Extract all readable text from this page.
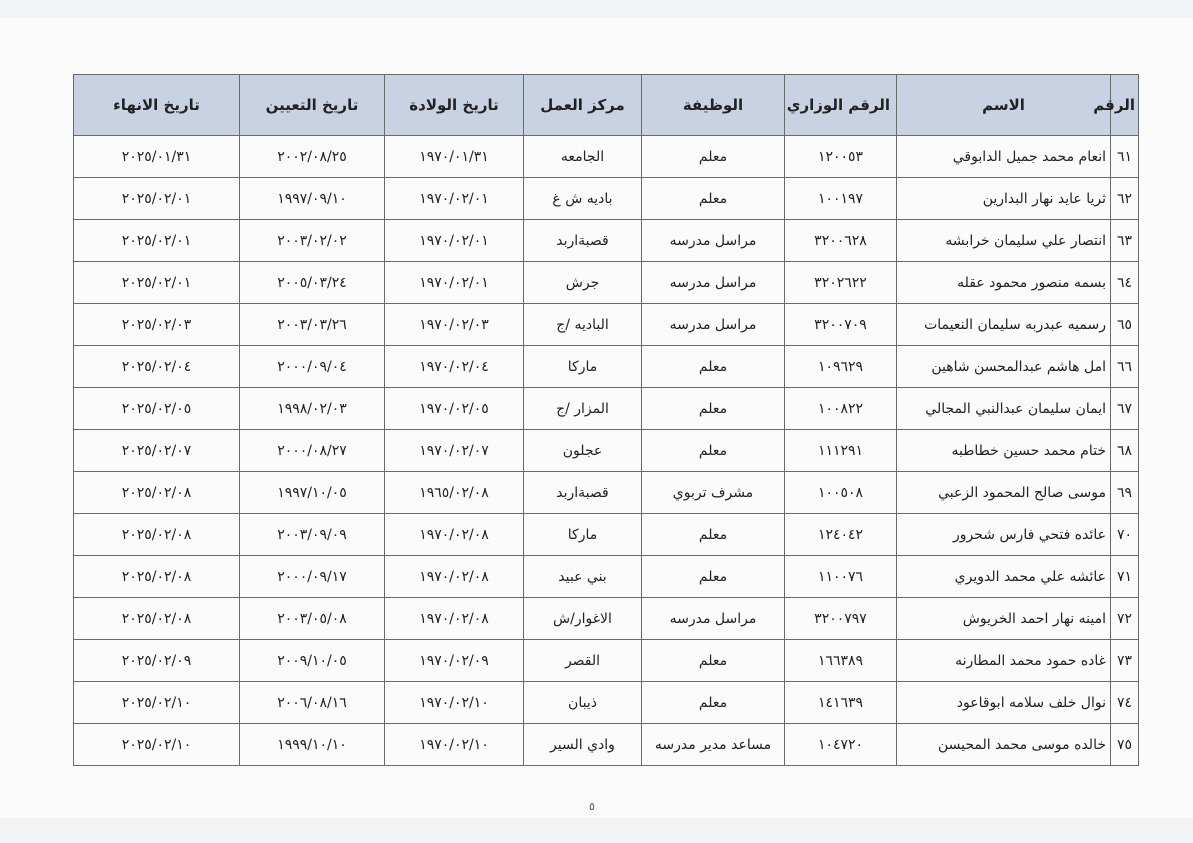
الرقم	الاسم	الرقم الوزاري	الوظيفة	مركز العمل	تاريخ الولادة	تاريخ التعيين	تاريخ الانهاء
٦١	انعام محمد جميل الدابوقي	١٢٠٠٥٣	معلم	الجامعه	١٩٧٠/٠١/٣١	٢٠٠٢/٠٨/٢٥	٢٠٢٥/٠١/٣١
٦٢	ثريا عايد نهار البدارين	١٠٠١٩٧	معلم	باديه ش غ	١٩٧٠/٠٢/٠١	١٩٩٧/٠٩/١٠	٢٠٢٥/٠٢/٠١
٦٣	انتصار علي سليمان خرابشه	٣٢٠٠٦٢٨	مراسل مدرسه	قصبةاربد	١٩٧٠/٠٢/٠١	٢٠٠٣/٠٢/٠٢	٢٠٢٥/٠٢/٠١
٦٤	بسمه منصور محمود عقله	٣٢٠٢٦٢٢	مراسل مدرسه	جرش	١٩٧٠/٠٢/٠١	٢٠٠٥/٠٣/٢٤	٢٠٢٥/٠٢/٠١
٦٥	رسميه عبدربه سليمان النعيمات	٣٢٠٠٧٠٩	مراسل مدرسه	الباديه /ج	١٩٧٠/٠٢/٠٣	٢٠٠٣/٠٣/٢٦	٢٠٢٥/٠٢/٠٣
٦٦	امل هاشم عبدالمحسن شاهين	١٠٩٦٢٩	معلم	ماركا	١٩٧٠/٠٢/٠٤	٢٠٠٠/٠٩/٠٤	٢٠٢٥/٠٢/٠٤
٦٧	ايمان سليمان عبدالنبي المجالي	١٠٠٨٢٢	معلم	المزار /ج	١٩٧٠/٠٢/٠٥	١٩٩٨/٠٢/٠٣	٢٠٢٥/٠٢/٠٥
٦٨	ختام محمد حسين خطاطبه	١١١٢٩١	معلم	عجلون	١٩٧٠/٠٢/٠٧	٢٠٠٠/٠٨/٢٧	٢٠٢٥/٠٢/٠٧
٦٩	موسى صالح المحمود الزعبي	١٠٠٥٠٨	مشرف تربوي	قصبةاربد	١٩٦٥/٠٢/٠٨	١٩٩٧/١٠/٠٥	٢٠٢٥/٠٢/٠٨
٧٠	عائده فتحي فارس شحرور	١٢٤٠٤٢	معلم	ماركا	١٩٧٠/٠٢/٠٨	٢٠٠٣/٠٩/٠٩	٢٠٢٥/٠٢/٠٨
٧١	عائشه علي محمد الدويري	١١٠٠٧٦	معلم	بني عبيد	١٩٧٠/٠٢/٠٨	٢٠٠٠/٠٩/١٧	٢٠٢٥/٠٢/٠٨
٧٢	امينه نهار احمد الخريوش	٣٢٠٠٧٩٧	مراسل مدرسه	الاغوار/ش	١٩٧٠/٠٢/٠٨	٢٠٠٣/٠٥/٠٨	٢٠٢٥/٠٢/٠٨
٧٣	غاده حمود محمد المطارنه	١٦٦٣٨٩	معلم	القصر	١٩٧٠/٠٢/٠٩	٢٠٠٩/١٠/٠٥	٢٠٢٥/٠٢/٠٩
٧٤	نوال خلف سلامه ابوقاعود	١٤١٦٣٩	معلم	ذيبان	١٩٧٠/٠٢/١٠	٢٠٠٦/٠٨/١٦	٢٠٢٥/٠٢/١٠
٧٥	خالده موسى محمد المحيسن	١٠٤٧٢٠	مساعد مدير مدرسه	وادي السير	١٩٧٠/٠٢/١٠	١٩٩٩/١٠/١٠	٢٠٢٥/٠٢/١٠
٥
